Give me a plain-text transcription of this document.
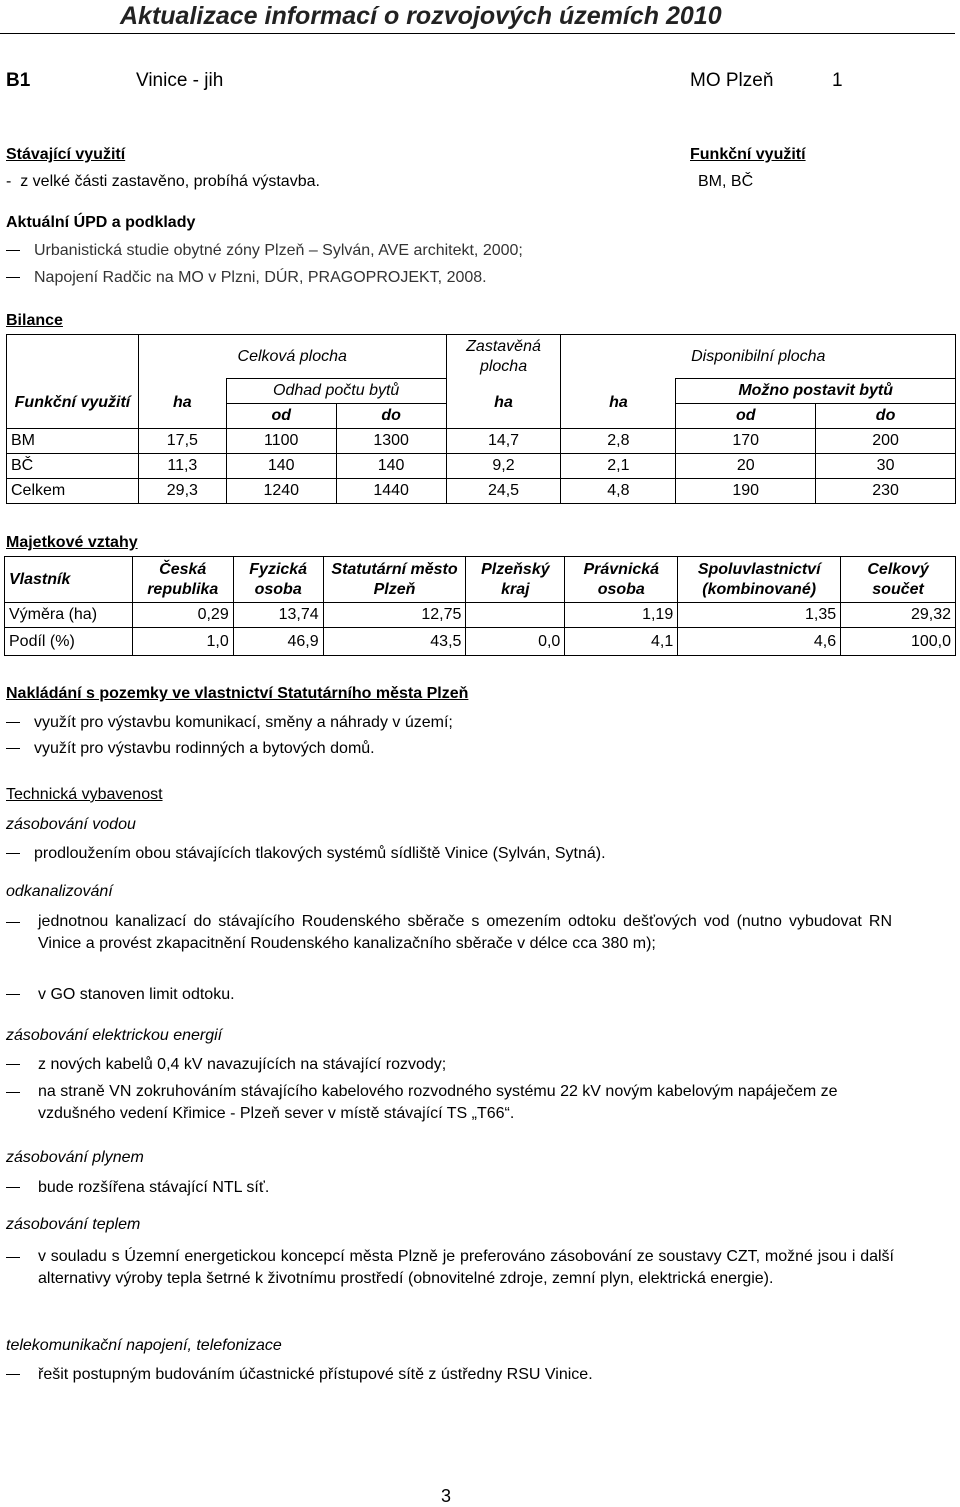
Aktualizace informací o rozvojových územích 2010
B1	Vinice - jih	MO Plzeň	1
Stávající využití	Funkční využití
-  z velké části zastavěno, probíhá výstavba.	BM, BČ
Aktuální ÚPD a podklady
Urbanistická studie obytné zóny Plzeň – Sylván, AVE architekt, 2000;
Napojení Radčic na MO v Plzni, DÚR, PRAGOPROJEKT, 2008.
Bilance
	Celková plocha			Zastavěná plocha	Disponibilní plocha		
Funkční využití	ha	Odhad počtu bytů		ha	ha	Možno postavit bytů	
		od	do			od	do
BM	17,5	1100	1300	14,7	2,8	170	200
BČ	11,3	140	140	9,2	2,1	20	30
Celkem	29,3	1240	1440	24,5	4,8	190	230
Majetkové vztahy
Vlastník	Česká republika	Fyzická osoba	Statutární město Plzeň	Plzeňský kraj	Právnická osoba	Spoluvlastnictví (kombinované)	Celkový součet
Výměra (ha)	0,29	13,74	12,75		1,19	1,35	29,32
Podíl (%)	1,0	46,9	43,5	0,0	4,1	4,6	100,0
Nakládání s pozemky ve vlastnictví Statutárního města Plzeň
využít pro výstavbu komunikací, směny a náhrady v území;
využít pro výstavbu rodinných a bytových domů.
Technická vybavenost
zásobování vodou
prodloužením obou stávajících tlakových systémů sídliště Vinice (Sylván, Sytná).
odkanalizování
jednotnou kanalizací do stávajícího Roudenského sběrače s omezením odtoku dešťových vod (nutno vybudovat RN Vinice a provést zkapacitnění Roudenského kanalizačního sběrače v délce cca 380 m);
v GO stanoven limit odtoku.
zásobování elektrickou energií
z nových kabelů 0,4 kV navazujících na stávající rozvody;
na straně VN zokruhováním stávajícího kabelového rozvodného systému 22 kV novým kabelovým napáječem ze vzdušného vedení Křimice - Plzeň sever v místě stávající TS „T66“.
zásobování plynem
bude rozšířena stávající NTL síť.
zásobování teplem
v souladu s Územní energetickou koncepcí města Plzně je preferováno zásobování ze soustavy CZT, možné jsou i další alternativy výroby tepla šetrné k životnímu prostředí (obnovitelné zdroje, zemní plyn, elektrická energie).
telekomunikační napojení, telefonizace
řešit postupným budováním účastnické přístupové sítě z ústředny RSU Vinice.
3
